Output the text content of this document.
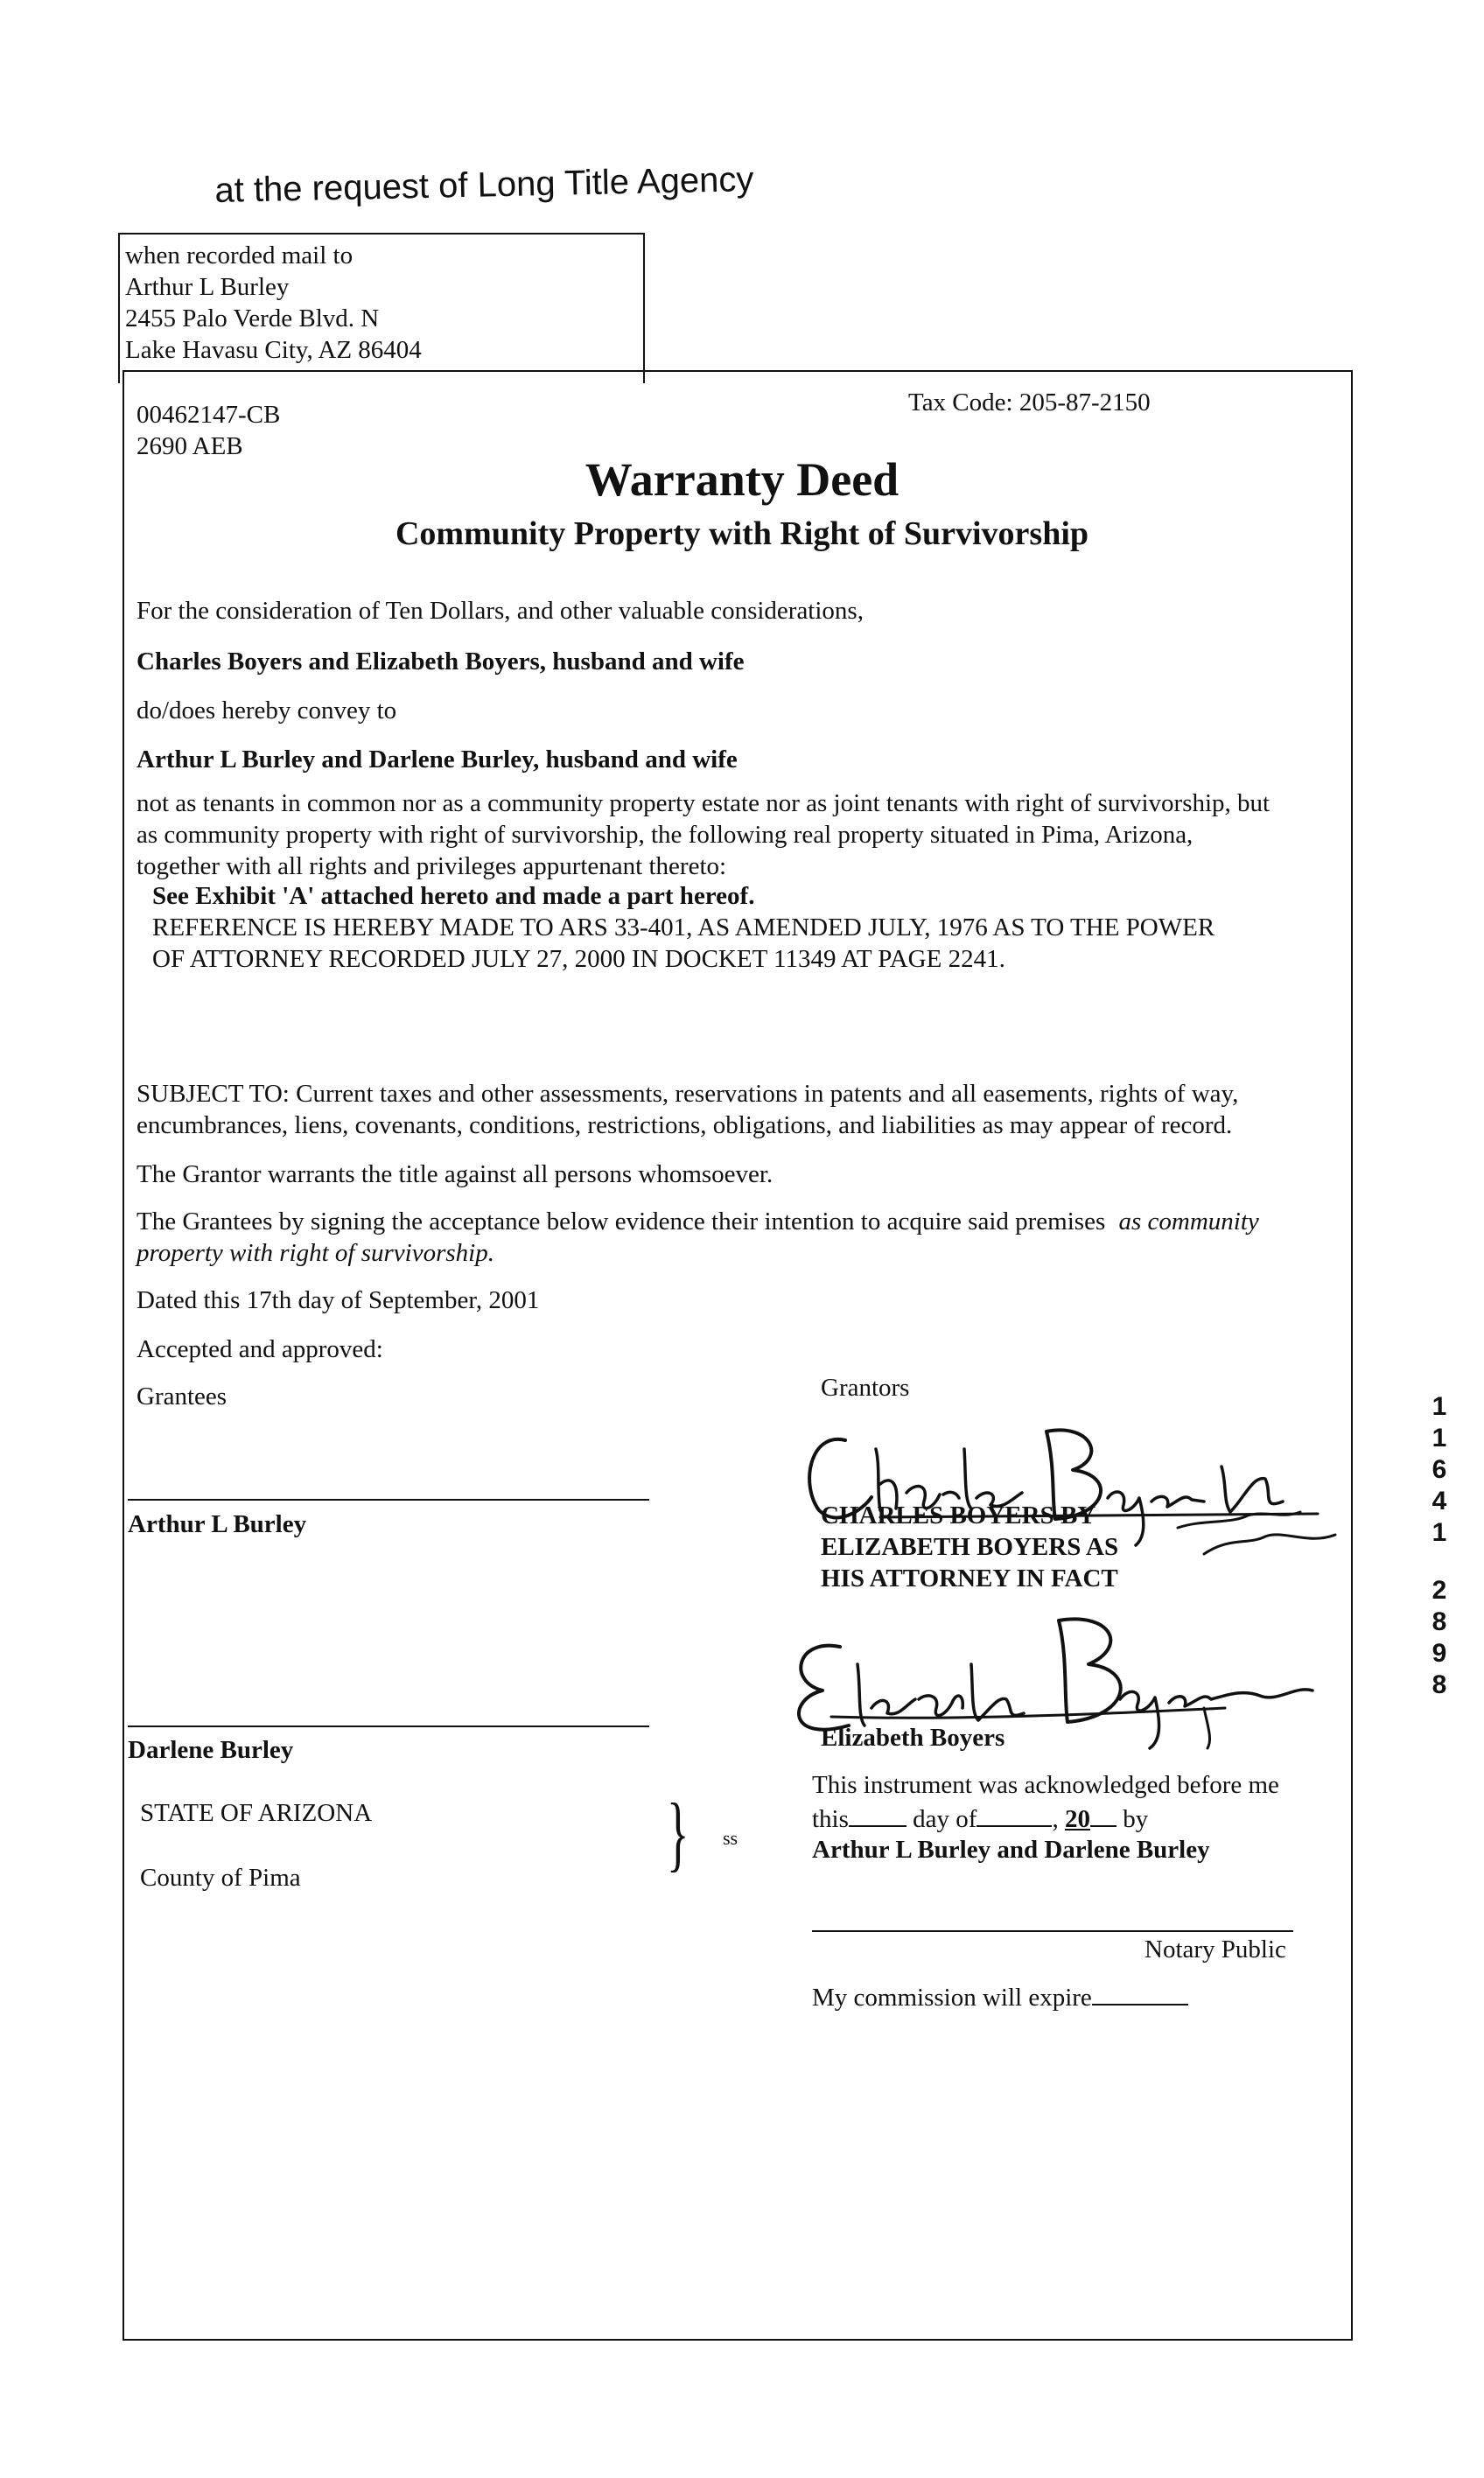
at the request of Long Title Agency
when recorded mail to
Arthur L Burley
2455 Palo Verde Blvd. N
Lake Havasu City, AZ 86404
00462147-CB
2690 AEB
Tax Code: 205-87-2150
Warranty Deed
Community Property with Right of Survivorship
For the consideration of Ten Dollars, and other valuable considerations,
Charles Boyers and Elizabeth Boyers, husband and wife
do/does hereby convey to
Arthur L Burley and Darlene Burley, husband and wife
not as tenants in common nor as a community property estate nor as joint tenants with right of survivorship, but
as community property with right of survivorship, the following real property situated in Pima, Arizona,
together with all rights and privileges appurtenant thereto:
See Exhibit 'A' attached hereto and made a part hereof.
REFERENCE IS HEREBY MADE TO ARS 33-401, AS AMENDED JULY, 1976 AS TO THE POWER
OF ATTORNEY RECORDED JULY 27, 2000 IN DOCKET 11349 AT PAGE 2241.
SUBJECT TO: Current taxes and other assessments, reservations in patents and all easements, rights of way,
encumbrances, liens, covenants, conditions, restrictions, obligations, and liabilities as may appear of record.
The Grantor warrants the title against all persons whomsoever.
The Grantees by signing the acceptance below evidence their intention to acquire said premises as community
property with right of survivorship.
Dated this 17th day of September, 2001
Accepted and approved:
Grantees	Grantors
Arthur L Burley
Darlene Burley
CHARLES BOYERS BY
ELIZABETH BOYERS AS
HIS ATTORNEY IN FACT
Elizabeth Boyers
STATE OF ARIZONA
County of Pima	} ss
This instrument was acknowledged before me
this	day of	, 20 by
Arthur L Burley and Darlene Burley
Notary Public
My commission will expire
11641
2898
